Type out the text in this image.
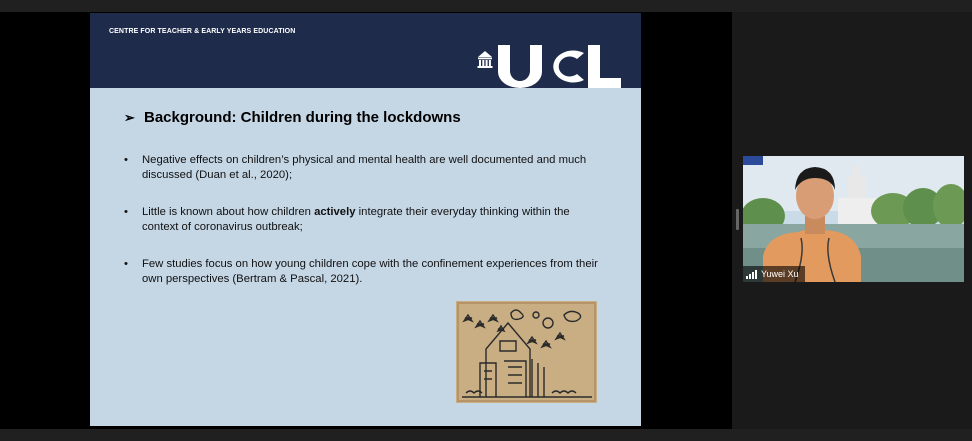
CENTRE FOR TEACHER & EARLY YEARS EDUCATION
UCL
➢ Background: Children during the lockdowns
• Negative effects on children’s physical and mental health are well documented and much discussed (Duan et al., 2020);
• Little is known about how children actively integrate their everyday thinking within the context of coronavirus outbreak;
• Few studies focus on how young children cope with the confinement experiences from their own perspectives (Bertram & Pascal, 2021).	Yuwei Xu
